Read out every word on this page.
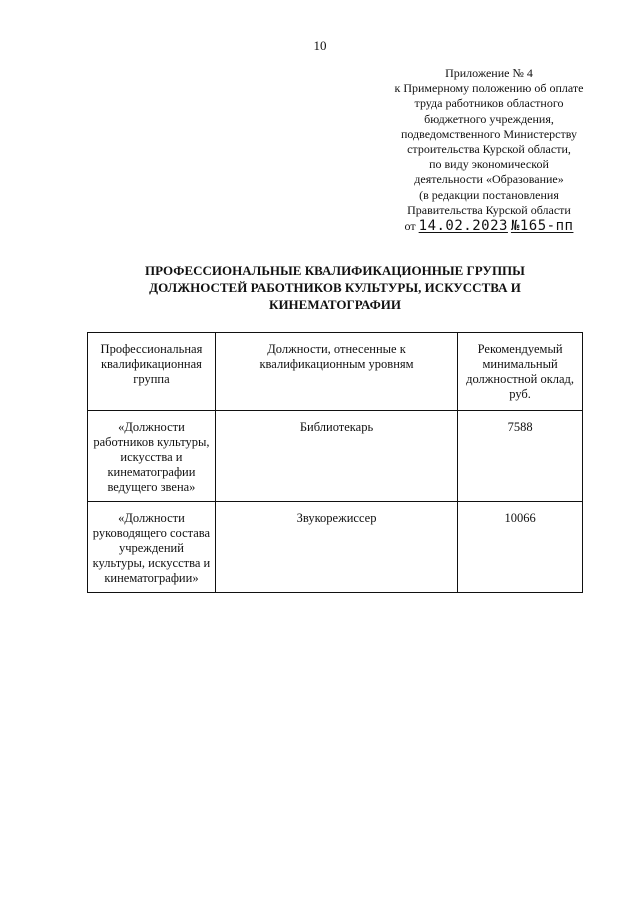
10
Приложение № 4
к Примерному положению об оплате
труда работников областного
бюджетного учреждения,
подведомственного Министерству
строительства Курской области,
по виду экономической
деятельности «Образование»
(в редакции постановления
Правительства Курской области
от 14.02.2023 №165-пп
ПРОФЕССИОНАЛЬНЫЕ КВАЛИФИКАЦИОННЫЕ ГРУППЫ ДОЛЖНОСТЕЙ РАБОТНИКОВ КУЛЬТУРЫ, ИСКУССТВА И КИНЕМАТОГРАФИИ
Профессиональная квалификационная группа	Должности, отнесенные к квалификационным уровням	Рекомендуемый минимальный должностной оклад, руб.
«Должности работников культуры, искусства и кинематографии ведущего звена»	Библиотекарь	7588
«Должности руководящего состава учреждений культуры, искусства и кинематографии»	Звукорежиссер	10066
